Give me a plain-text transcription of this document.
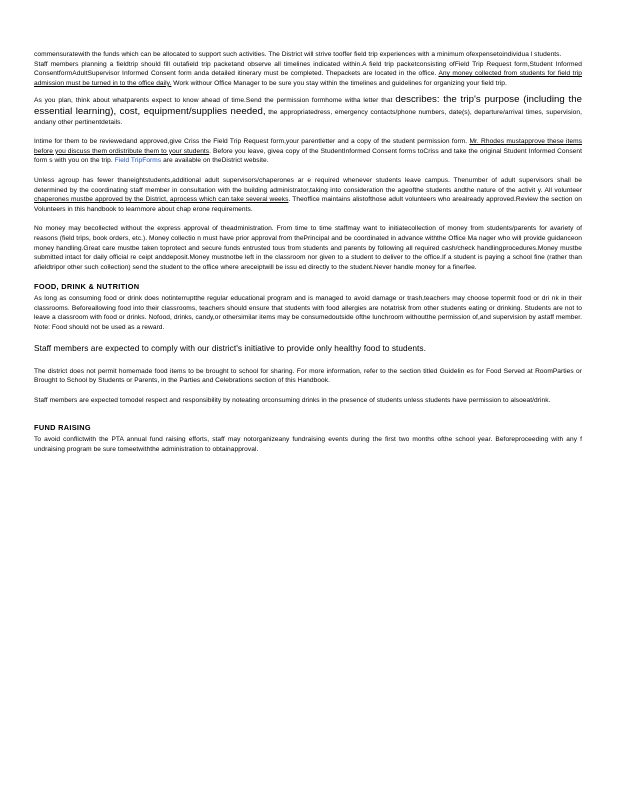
commensuratewith the funds which can be allocated to support such activities. The District will strive tooffer field trip experiences with a minimum ofexpensetoindividua l students.
Staff members planning a fieldtrip should fill outafield trip packetand observe all timelines indicated within.A field trip packetconsisting ofField Trip Request form,Student Informed ConsentformAdultSupervisor Informed Consent form anda detailed itinerary must be completed. Thepackets are located in the office. Any money collected from students for field trip admission must be turned in to the office daily. Work withour Office Manager to be sure you stay within the timelines and guidelines for organizing your field trip.

As you plan, think about whatparents expect to know ahead of time.Send the permission formhome witha letter that describes: the trip's purpose (including the essential learning), cost, equipment/supplies needed, the appropriatedress, emergency contacts/phone numbers, date(s), departure/arrival times, supervision, andany other pertinentdetails.

Intime for them to be reviewedand approved,give Criss the Field Trip Request form,your parentletter and a copy of the student permission form. Mr. Rhodes mustapprove these items before you discuss them ordistribute them to your students. Before you leave, givea copy of the StudentInformed Consent forms toCriss and take the original Student Informed Consent form s with you on the trip. Field TripForms are available on theDistrict website.

Unless agroup has fewer thaneightstudents,additional adult supervisors/chaperones ar e required whenever students leave campus. Thenumber of adult supervisors shall be determined by the coordinating staff member in consultation with the building administrator,taking into consideration the ageofthe students andthe nature of the activit y. All volunteer chaperones mustbe approved by the District, aprocess which can take several weeks. Theoffice maintains alistofthose adult volunteers who arealready approved.Review the section on Volunteers in this handbook to learnmore about chap erone requirements.

No money may becollected without the express approval of theadministration. From time to time staffmay want to initiatecollection of money from students/parents for avariety of reasons (field trips, book orders, etc.). Money collectio n must have prior approval from thePrincipal and be coordinated in advance withthe Office Ma nager who will provide guidanceon money handling.Great care mustbe taken toprotect and secure funds entrusted tous from students and parents by following all required cash/check handlingprocedures.Money mustbe submitted intact for daily official re ceipt anddeposit.Money mustnotbe left in the classroom nor given to a student to deliver to the office.If a student is paying a school fine (rather than afieldtripor other such collection) send the student to the office where areceiptwill be issu ed directly to the student.Never handle money for a fine/fee.

FOOD, DRINK & NUTRITION

As long as consuming food or drink does notinterruptthe regular educational program and is managed to avoid damage or trash,teachers may choose topermit food or dri nk in their classrooms. Beforeallowing food into their classrooms, teachers should ensure that students with food allergies are notatrisk from other students eating or drinking. Students are not to leave a classroom with food or drinks. Nofood, drinks, candy,or othersimilar items may be consumedoutside ofthe lunchroom withoutthe permission of,and supervision by astaff member. Note: Food should not be used as a reward.

Staff members are expected to comply with our district's initiative to provide only healthy food to students.

The district does not permit homemade food items to be brought to school for sharing. For more information, refer to the section titled Guidelin es for Food Served at RoomParties or Brought to School by Students or Parents, in the Parties and Celebrations section of this Handbook.

Staff members are expected tomodel respect and responsibility by noteating orconsuming drinks in the presence of students unless students have permission to alsoeat/drink.

FUND RAISING

To avoid conflictwith the PTA annual fund raising efforts, staff may notorganizeany fundraising events during the first two months ofthe school year. Beforeproceeding with any f undraising program be sure tomeetwiththe administration to obtainapproval.
